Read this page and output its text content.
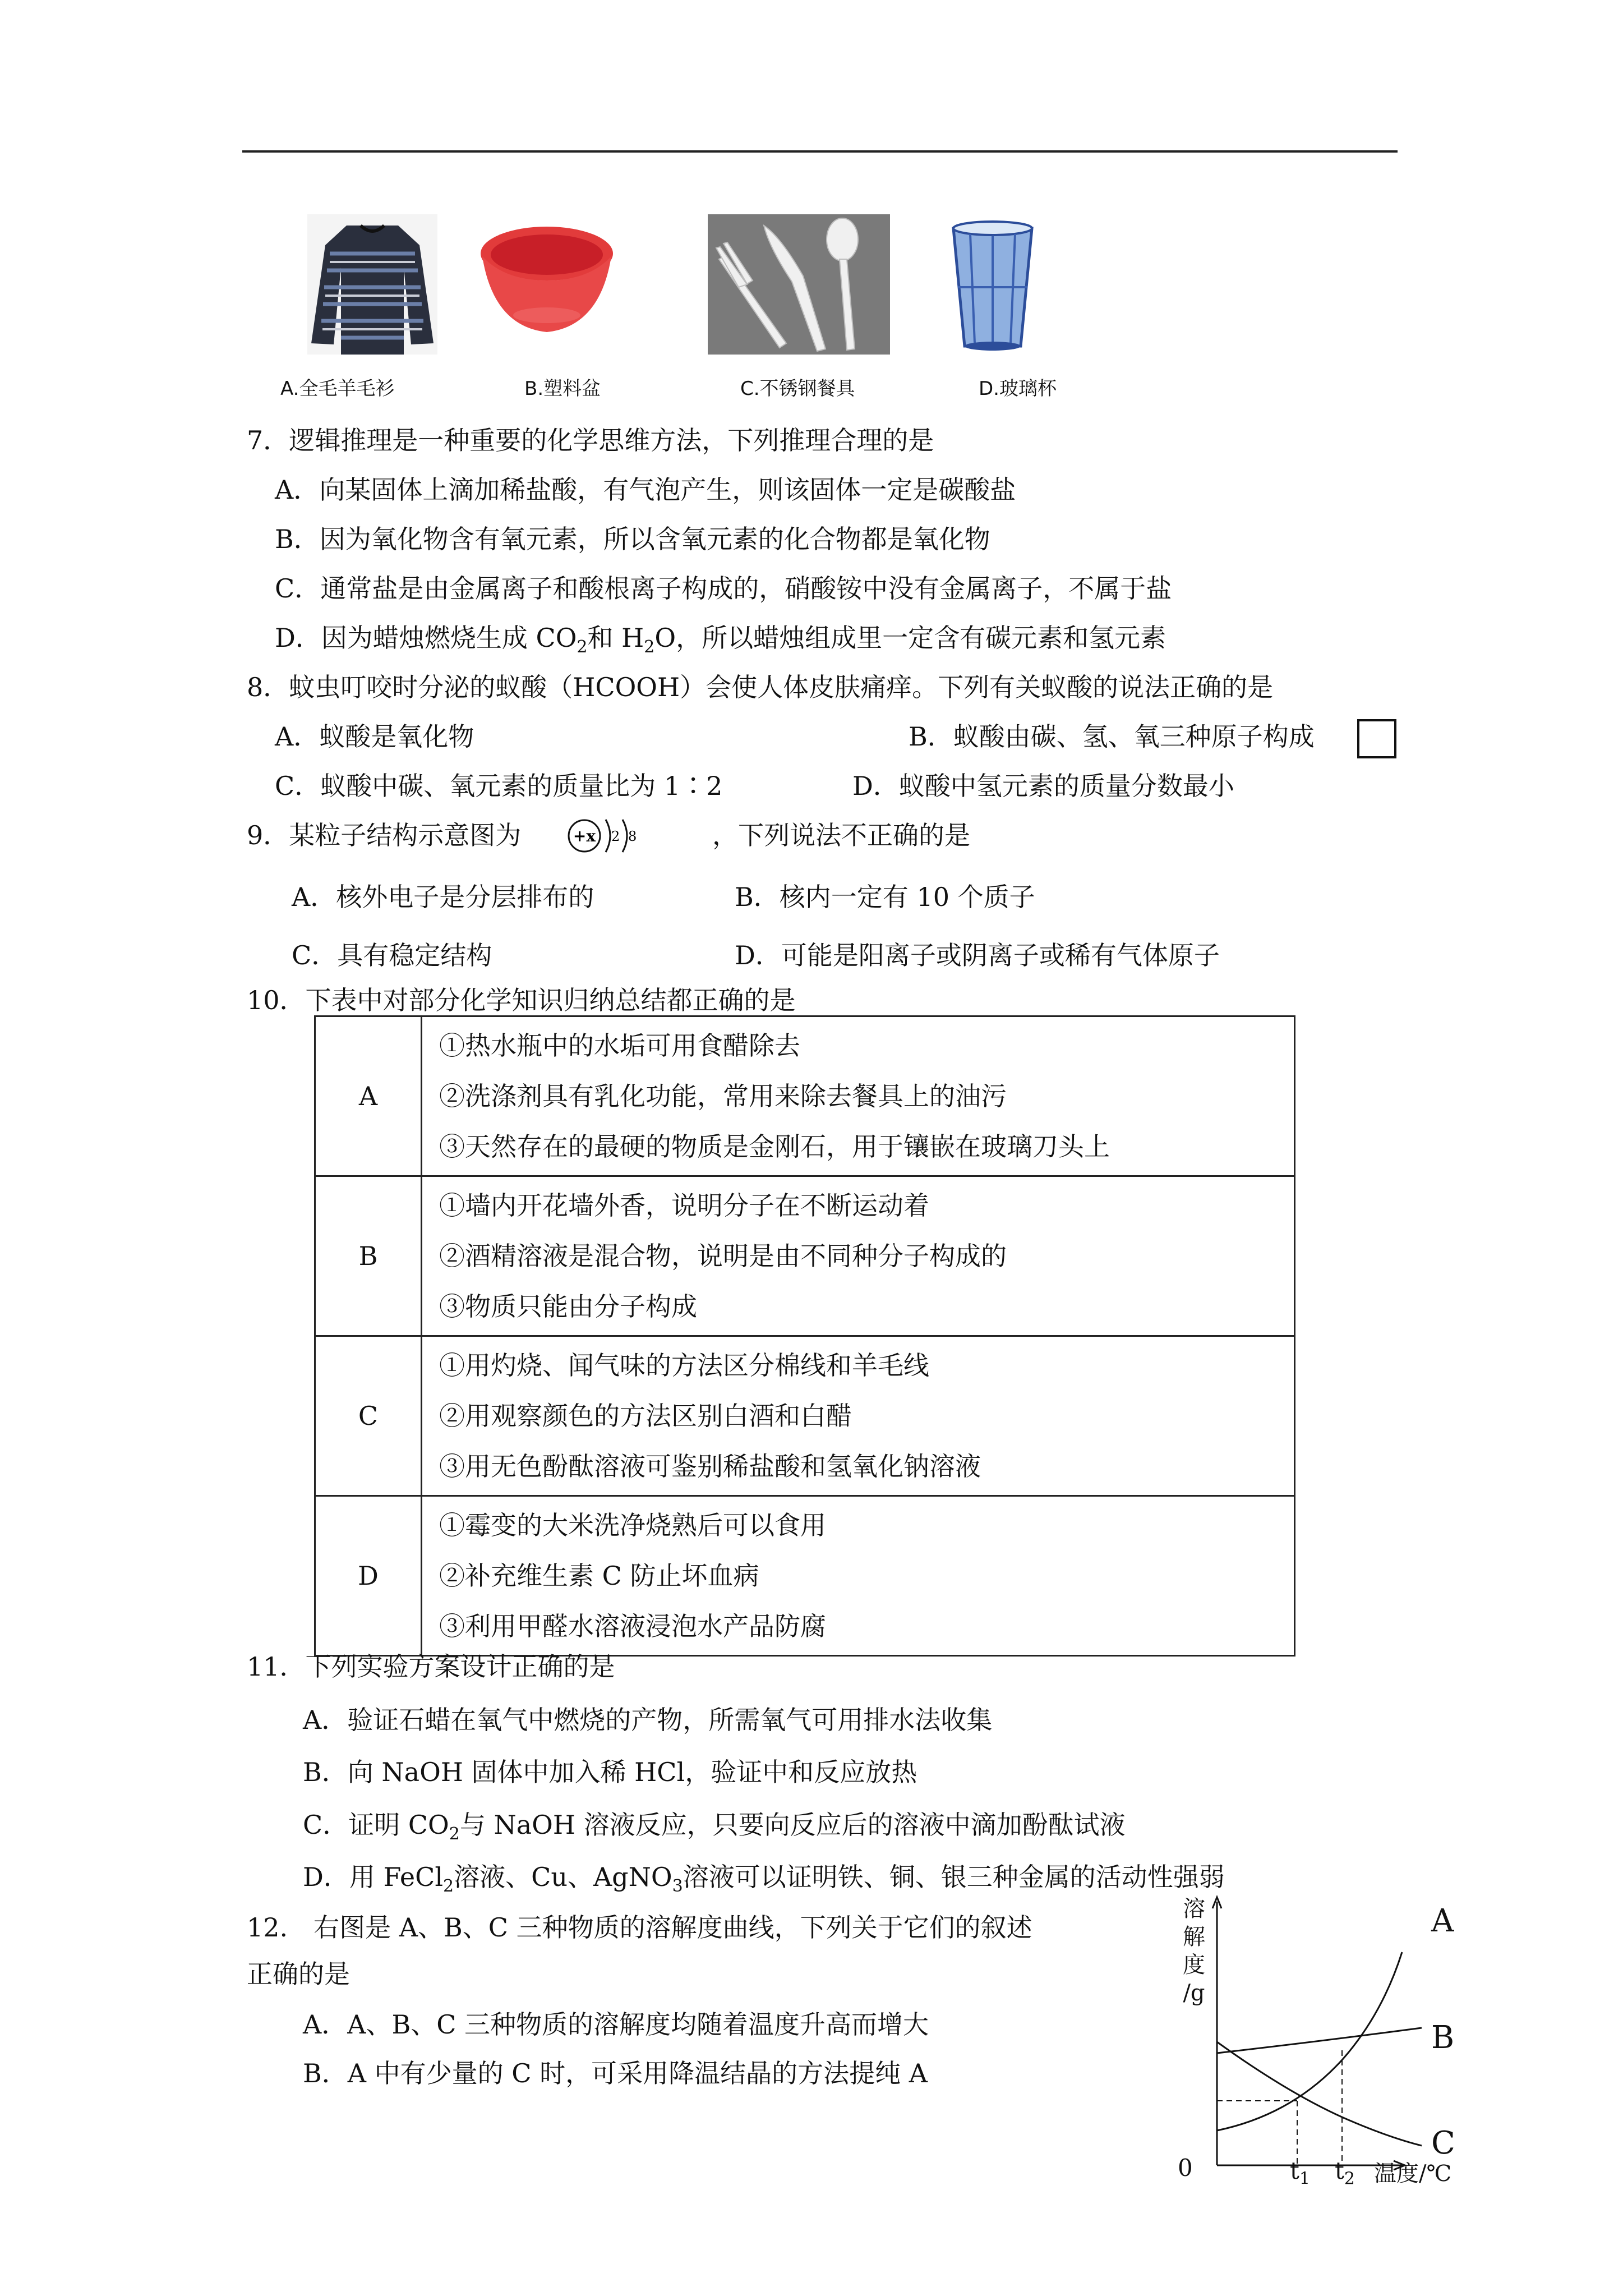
A.全毛羊毛衫	B.塑料盆	C.不锈钢餐具	D.玻璃杯
7．逻辑推理是一种重要的化学思维方法，下列推理合理的是
A．向某固体上滴加稀盐酸，有气泡产生，则该固体一定是碳酸盐
B．因为氧化物含有氧元素，所以含氧元素的化合物都是氧化物
C．通常盐是由金属离子和酸根离子构成的，硝酸铵中没有金属离子，不属于盐
D．因为蜡烛燃烧生成 $CO_2$和 $H_2O$，所以蜡烛组成里一定含有碳元素和氢元素
8．蚊虫叮咬时分泌的蚁酸（HCOOH）会使人体皮肤痛痒。下列有关蚁酸的说法正确的是
A．蚁酸是氧化物	B．蚁酸由碳、氢、氧三种原子构成
C．蚁酸中碳、氧元素的质量比为 1∶2	D．蚁酸中氢元素的质量分数最小
9．某粒子结构示意图为	+x 2 8	，下列说法不正确的是
A．核外电子是分层排布的	B．核内一定有 10 个质子
C．具有稳定结构	D．可能是阳离子或阴离子或稀有气体原子
10．下表中对部分化学知识归纳总结都正确的是
A	①热水瓶中的水垢可用食醋除去
②洗涤剂具有乳化功能，常用来除去餐具上的油污
③天然存在的最硬的物质是金刚石，用于镶嵌在玻璃刀头上

B	①墙内开花墙外香，说明分子在不断运动着
②酒精溶液是混合物，说明是由不同种分子构成的
③物质只能由分子构成

C	①用灼烧、闻气味的方法区分棉线和羊毛线
②用观察颜色的方法区别白酒和白醋
③用无色酚酞溶液可鉴别稀盐酸和氢氧化钠溶液

D	①霉变的大米洗净烧熟后可以食用
②补充维生素 C 防止坏血病
③利用甲醛水溶液浸泡水产品防腐
11．下列实验方案设计正确的是
A．验证石蜡在氧气中燃烧的产物，所需氧气可用排水法收集
B．向 NaOH 固体中加入稀 HCl，验证中和反应放热
C．证明 $CO_2$与 NaOH 溶液反应，只要向反应后的溶液中滴加酚酞试液
D．用 FeCl$_2$溶液、Cu、AgNO$_3$溶液可以证明铁、铜、银三种金属的活动性强弱
12.　右图是 A、B、C 三种物质的溶解度曲线，下列关于它们的叙述
正确的是
A．A、B、C 三种物质的溶解度均随着温度升高而增大
B．A 中有少量的 C 时，可采用降温结晶的方法提纯 A
溶
解
度
/g
0	$t_1$ $t_2$ 温度/℃
A
B
C
